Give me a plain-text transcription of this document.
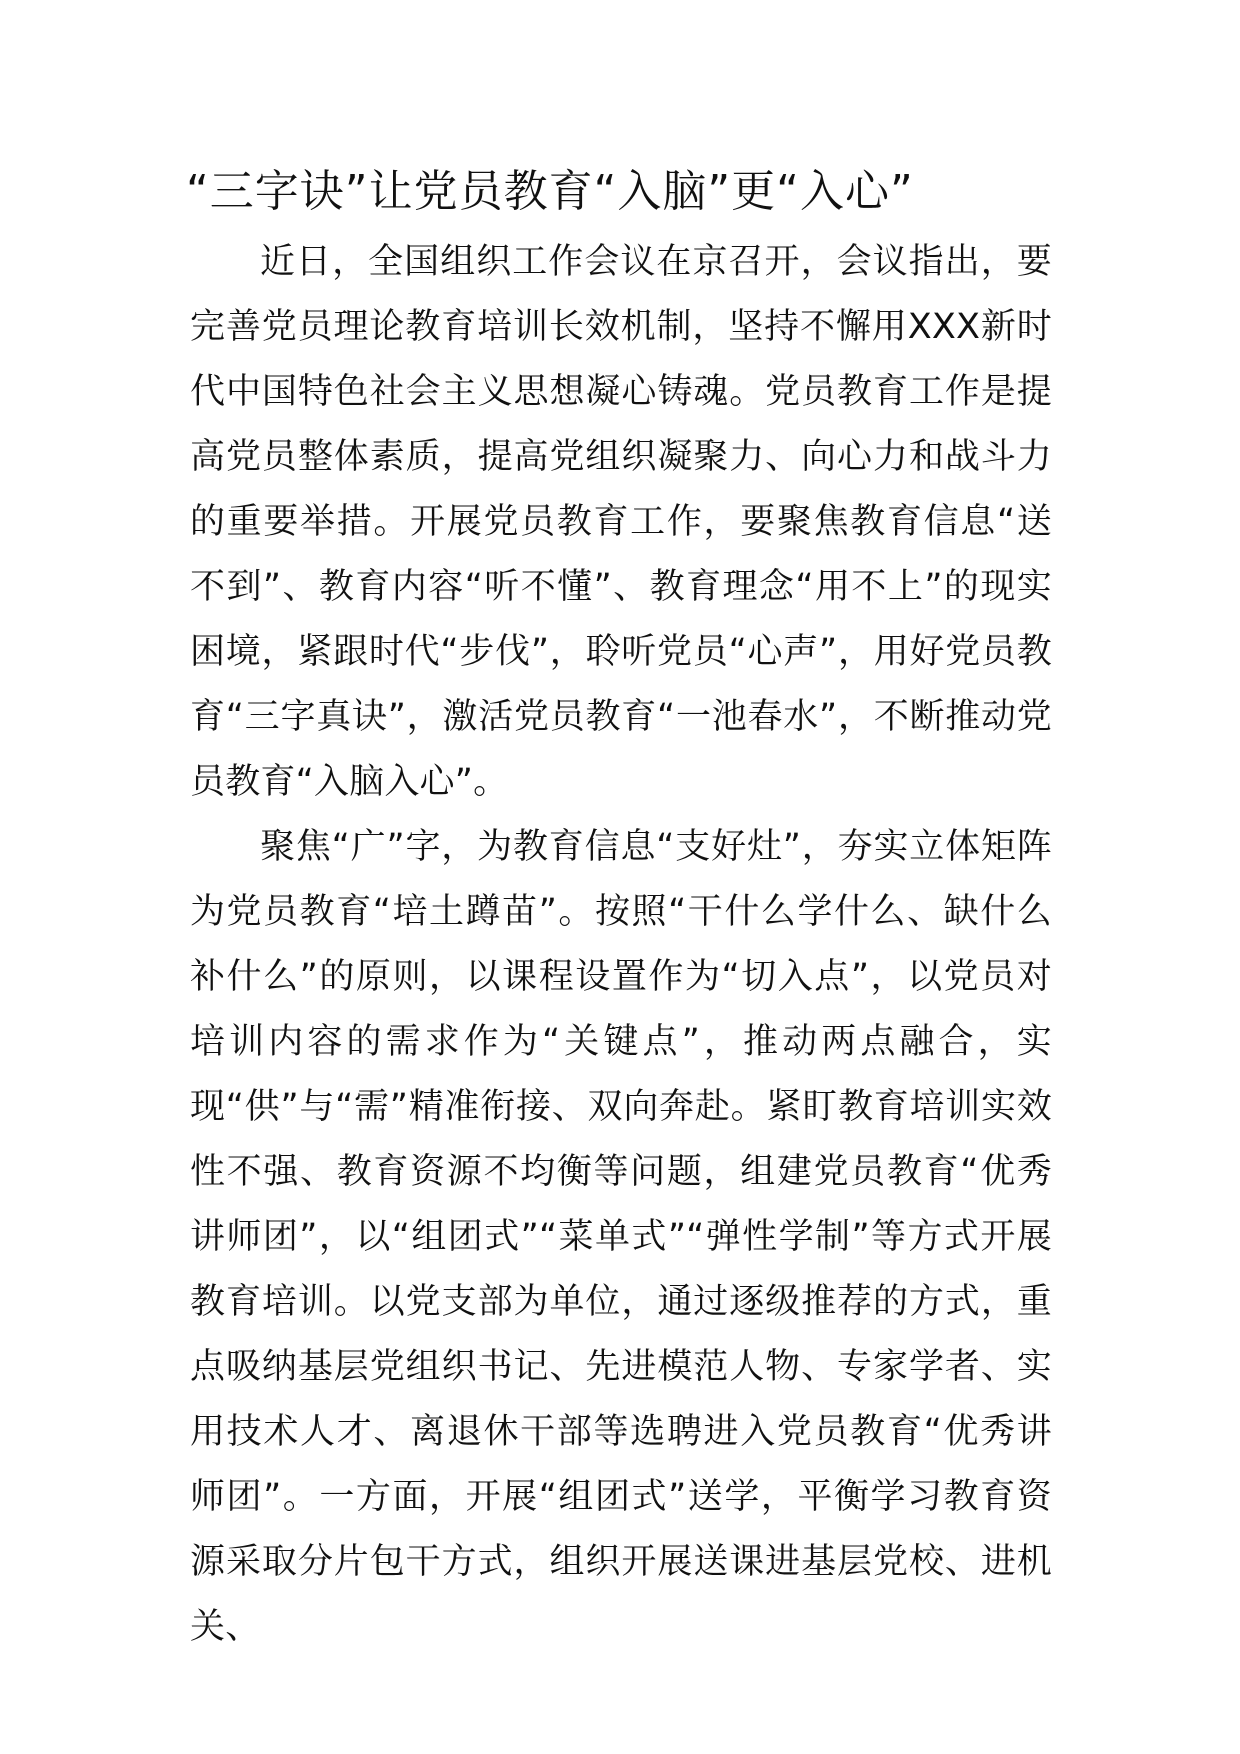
“三字诀”让党员教育“入脑”更“入心”

近日，全国组织工作会议在京召开，会议指出，要完善党员理论教育培训长效机制，坚持不懈用XXX新时代中国特色社会主义思想凝心铸魂。党员教育工作是提高党员整体素质，提高党组织凝聚力、向心力和战斗力的重要举措。开展党员教育工作，要聚焦教育信息“送不到”、教育内容“听不懂”、教育理念“用不上”的现实困境，紧跟时代“步伐”，聆听党员“心声”，用好党员教育“三字真诀”，激活党员教育“一池春水”，不断推动党员教育“入脑入心”。

聚焦“广”字，为教育信息“支好灶”，夯实立体矩阵为党员教育“培土蹲苗”。按照“干什么学什么、缺什么补什么”的原则，以课程设置作为“切入点”，以党员对培训内容的需求作为“关键点”，推动两点融合，实现“供”与“需”精准衔接、双向奔赴。紧盯教育培训实效性不强、教育资源不均衡等问题，组建党员教育“优秀讲师团”，以“组团式”“菜单式”“弹性学制”等方式开展教育培训。以党支部为单位，通过逐级推荐的方式，重点吸纳基层党组织书记、先进模范人物、专家学者、实用技术人才、离退休干部等选聘进入党员教育“优秀讲师团”。一方面，开展“组团式”送学，平衡学习教育资源采取分片包干方式，组织开展送课进基层党校、进机关、
